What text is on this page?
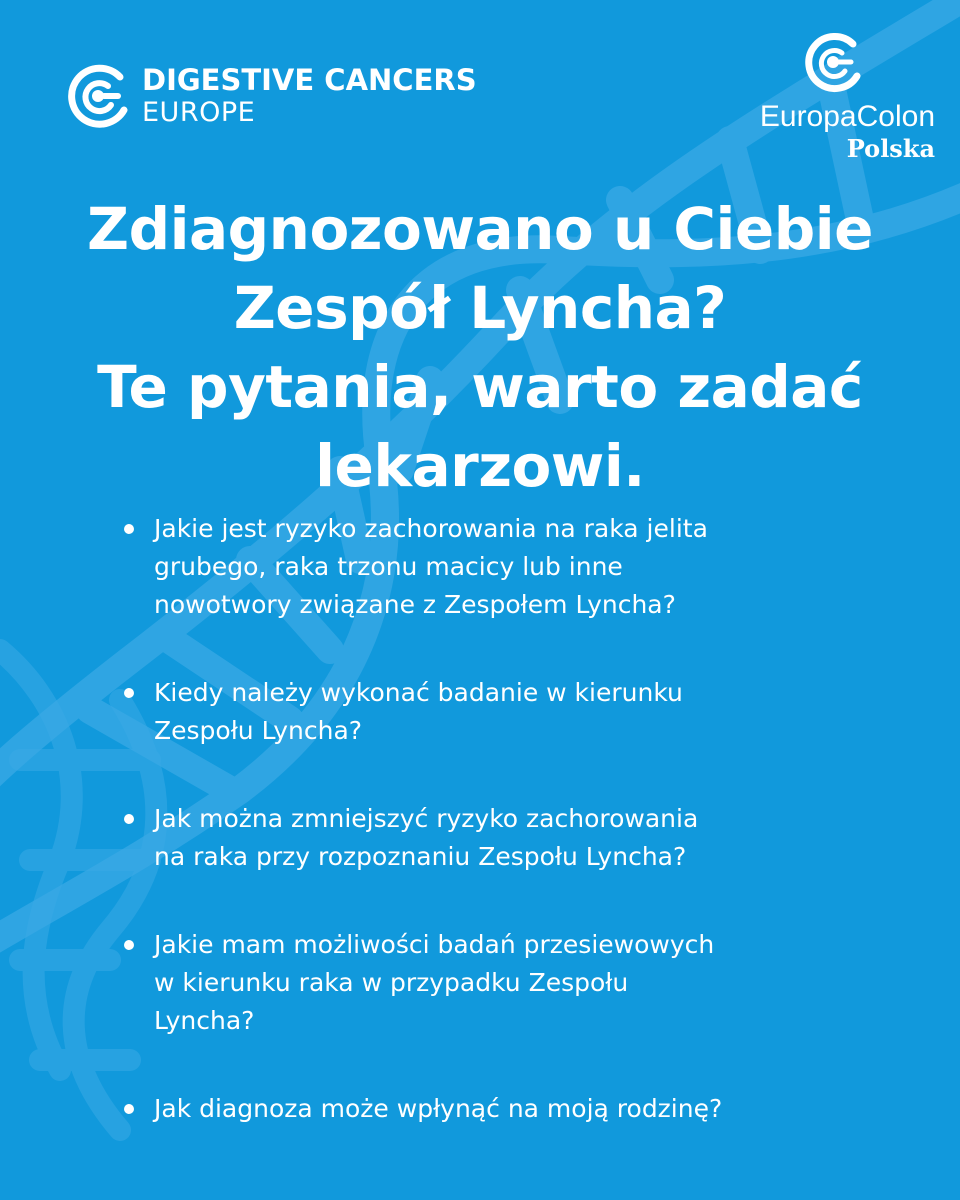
DIGESTIVE CANCERS
EUROPE	EuropaColon
Polska
Zdiagnozowano u Ciebie
Zespół Lyncha?
Te pytania, warto zadać
lekarzowi.
Jakie jest ryzyko zachorowania na raka jelita
grubego, raka trzonu macicy lub inne
nowotwory związane z Zespołem Lyncha?
Kiedy należy wykonać badanie w kierunku
Zespołu Lyncha?
Jak można zmniejszyć ryzyko zachorowania
na raka przy rozpoznaniu Zespołu Lyncha?
Jakie mam możliwości badań przesiewowych
w kierunku raka w przypadku Zespołu
Lyncha?
Jak diagnoza może wpłynąć na moją rodzinę?
